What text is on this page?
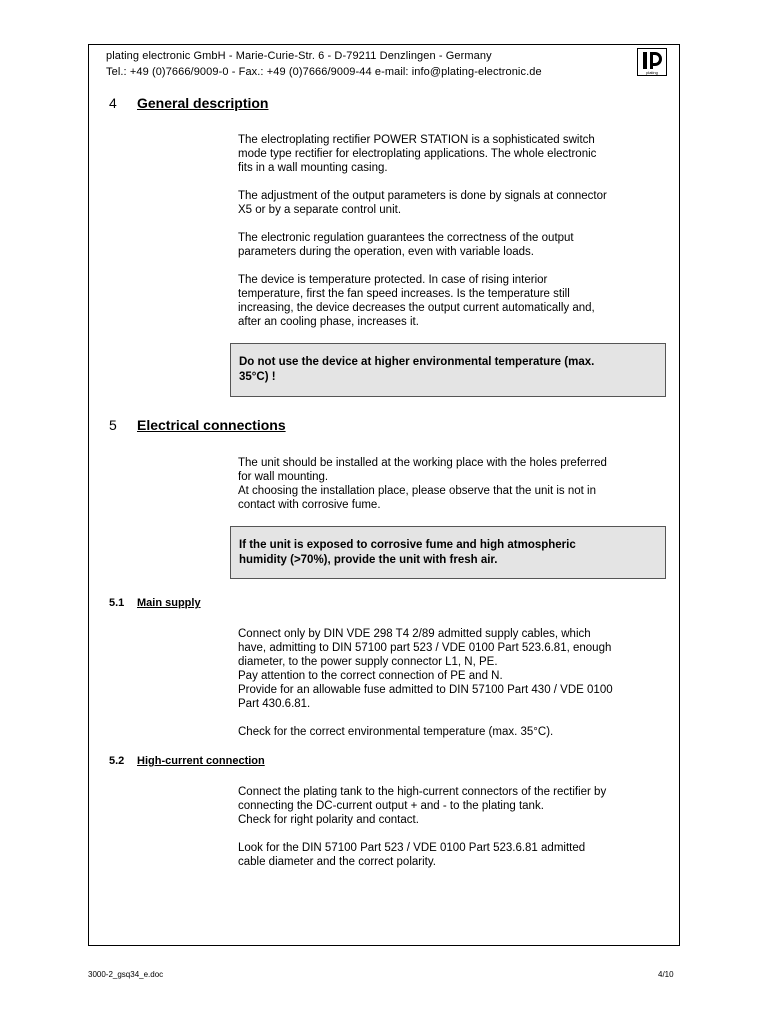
plating electronic GmbH - Marie-Curie-Str. 6 - D-79211 Denzlingen - Germany
Tel.: +49 (0)7666/9009-0 - Fax.: +49 (0)7666/9009-44 e-mail: info@plating-electronic.de	plating
4 General description

The electroplating rectifier POWER STATION is a sophisticated switch
mode type rectifier for electroplating applications. The whole electronic
fits in a wall mounting casing.

The adjustment of the output parameters is done by signals at connector
X5 or by a separate control unit.

The electronic regulation guarantees the correctness of the output
parameters during the operation, even with variable loads.

The device is temperature protected. In case of rising interior
temperature, first the fan speed increases. Is the temperature still
increasing, the device decreases the output current automatically and,
after an cooling phase, increases it.

Do not use the device at higher environmental temperature (max.
35°C) !
5 Electrical connections

The unit should be installed at the working place with the holes preferred
for wall mounting.
At choosing the installation place, please observe that the unit is not in
contact with corrosive fume.

If the unit is exposed to corrosive fume and high atmospheric
humidity (>70%), provide the unit with fresh air.
5.1 Main supply

Connect only by DIN VDE 298 T4 2/89 admitted supply cables, which
have, admitting to DIN 57100 part 523 / VDE 0100 Part 523.6.81, enough
diameter, to the power supply connector L1, N, PE.
Pay attention to the correct connection of PE and N.
Provide for an allowable fuse admitted to DIN 57100 Part 430 / VDE 0100
Part 430.6.81.

Check for the correct environmental temperature (max. 35°C).

5.2 High-current connection

Connect the plating tank to the high-current connectors of the rectifier by
connecting the DC-current output + and - to the plating tank.
Check for right polarity and contact.

Look for the DIN 57100 Part 523 / VDE 0100 Part 523.6.81 admitted
cable diameter and the correct polarity.

3000-2_gsq34_e.doc	4/10
